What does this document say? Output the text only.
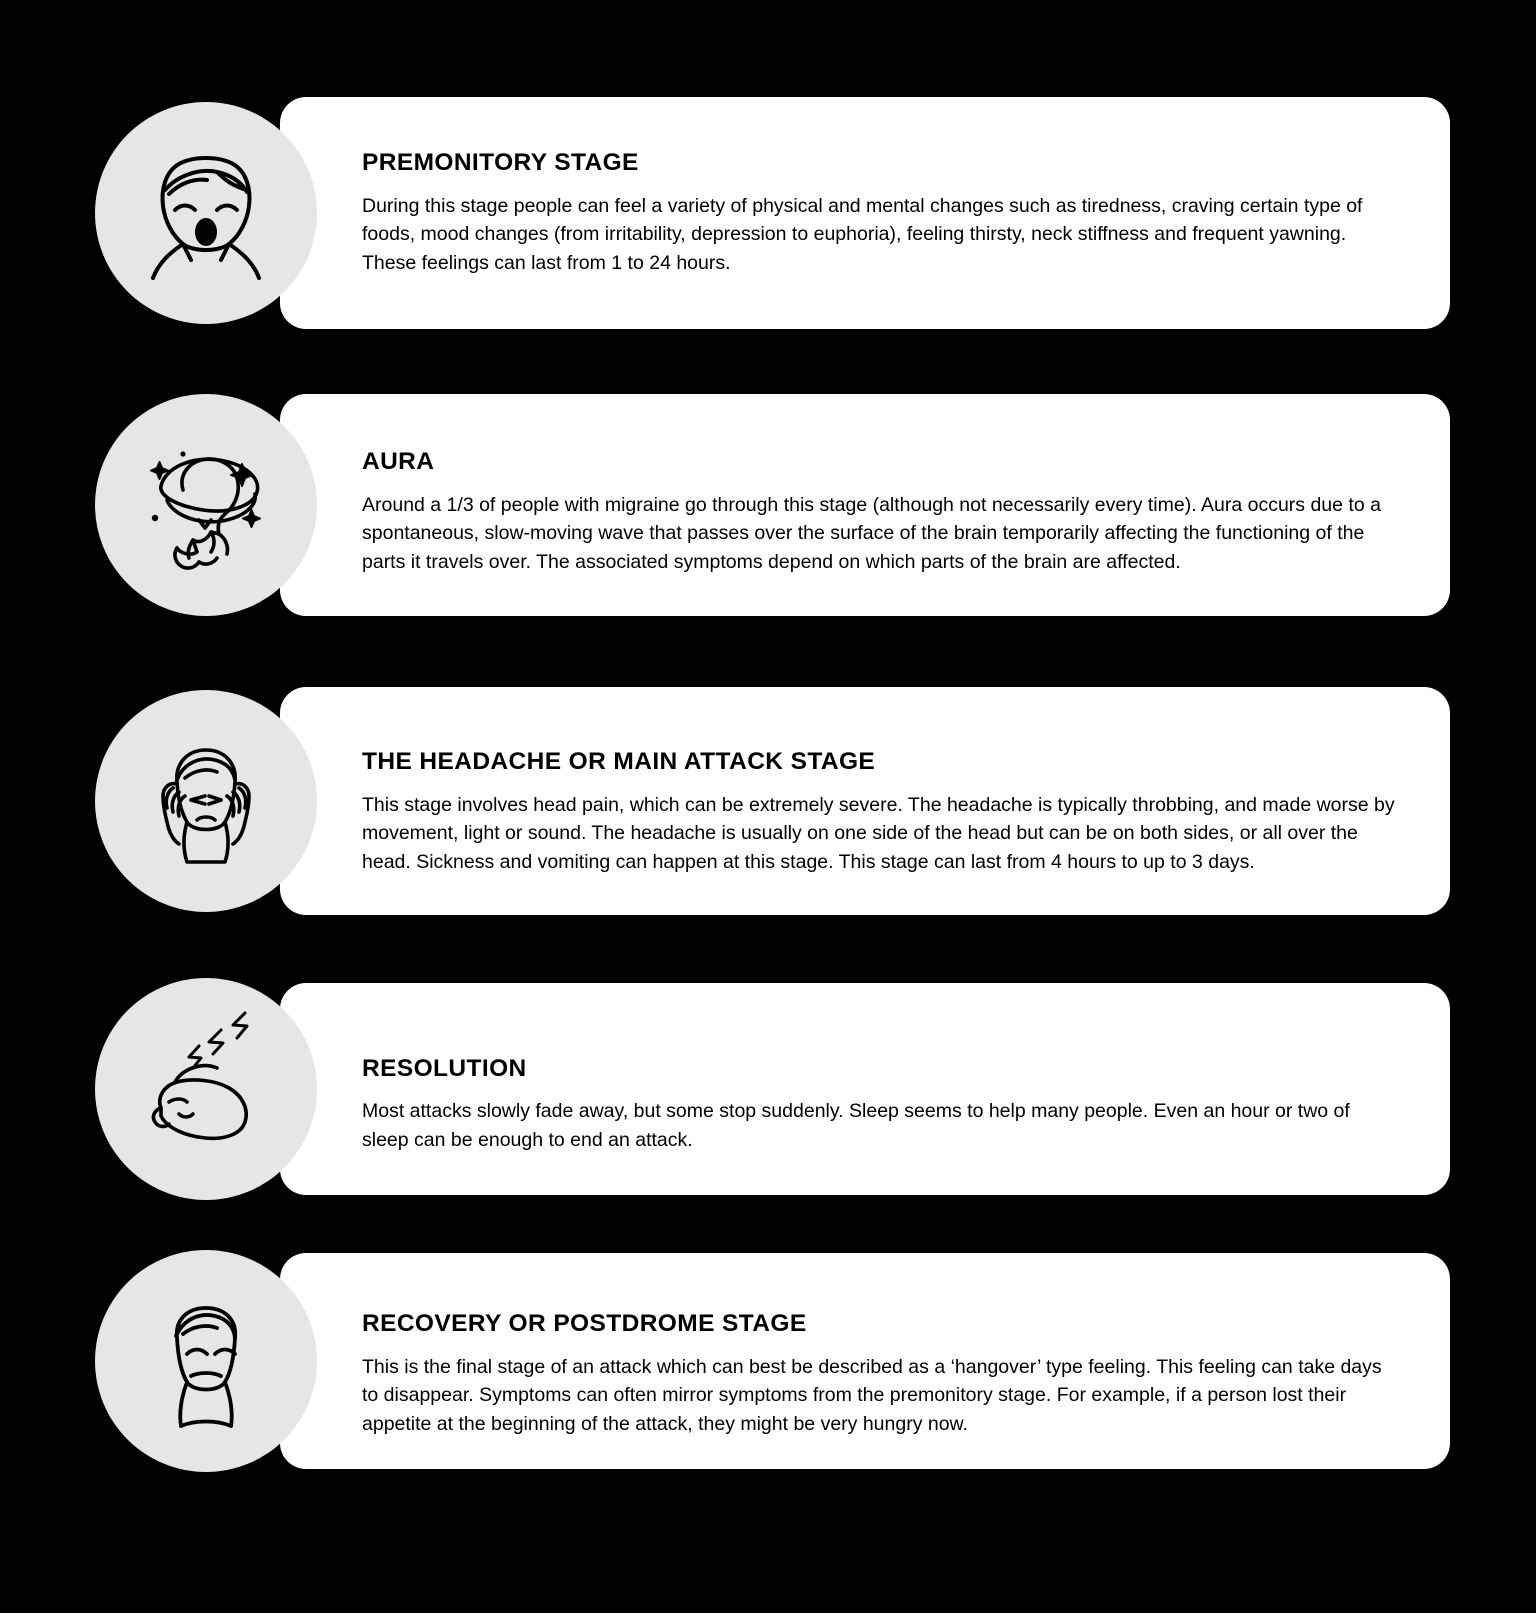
PREMONITORY STAGE
During this stage people can feel a variety of physical and mental changes such as tiredness, craving certain type of foods, mood changes (from irritability, depression to euphoria), feeling thirsty, neck stiffness and frequent yawning. These feelings can last from 1 to 24 hours.
AURA
Around a 1/3 of people with migraine go through this stage (although not necessarily every time). Aura occurs due to a spontaneous, slow-moving wave that passes over the surface of the brain temporarily affecting the functioning of the parts it travels over. The associated symptoms depend on which parts of the brain are affected.
THE HEADACHE OR MAIN ATTACK STAGE
This stage involves head pain, which can be extremely severe. The headache is typically throbbing, and made worse by movement, light or sound. The headache is usually on one side of the head but can be on both sides, or all over the head. Sickness and vomiting can happen at this stage. This stage can last from 4 hours to up to 3 days.
RESOLUTION
Most attacks slowly fade away, but some stop suddenly. Sleep seems to help many people. Even an hour or two of sleep can be enough to end an attack.
RECOVERY OR POSTDROME STAGE
This is the final stage of an attack which can best be described as a ‘hangover’ type feeling. This feeling can take days to disappear. Symptoms can often mirror symptoms from the premonitory stage. For example, if a person lost their appetite at the beginning of the attack, they might be very hungry now.
